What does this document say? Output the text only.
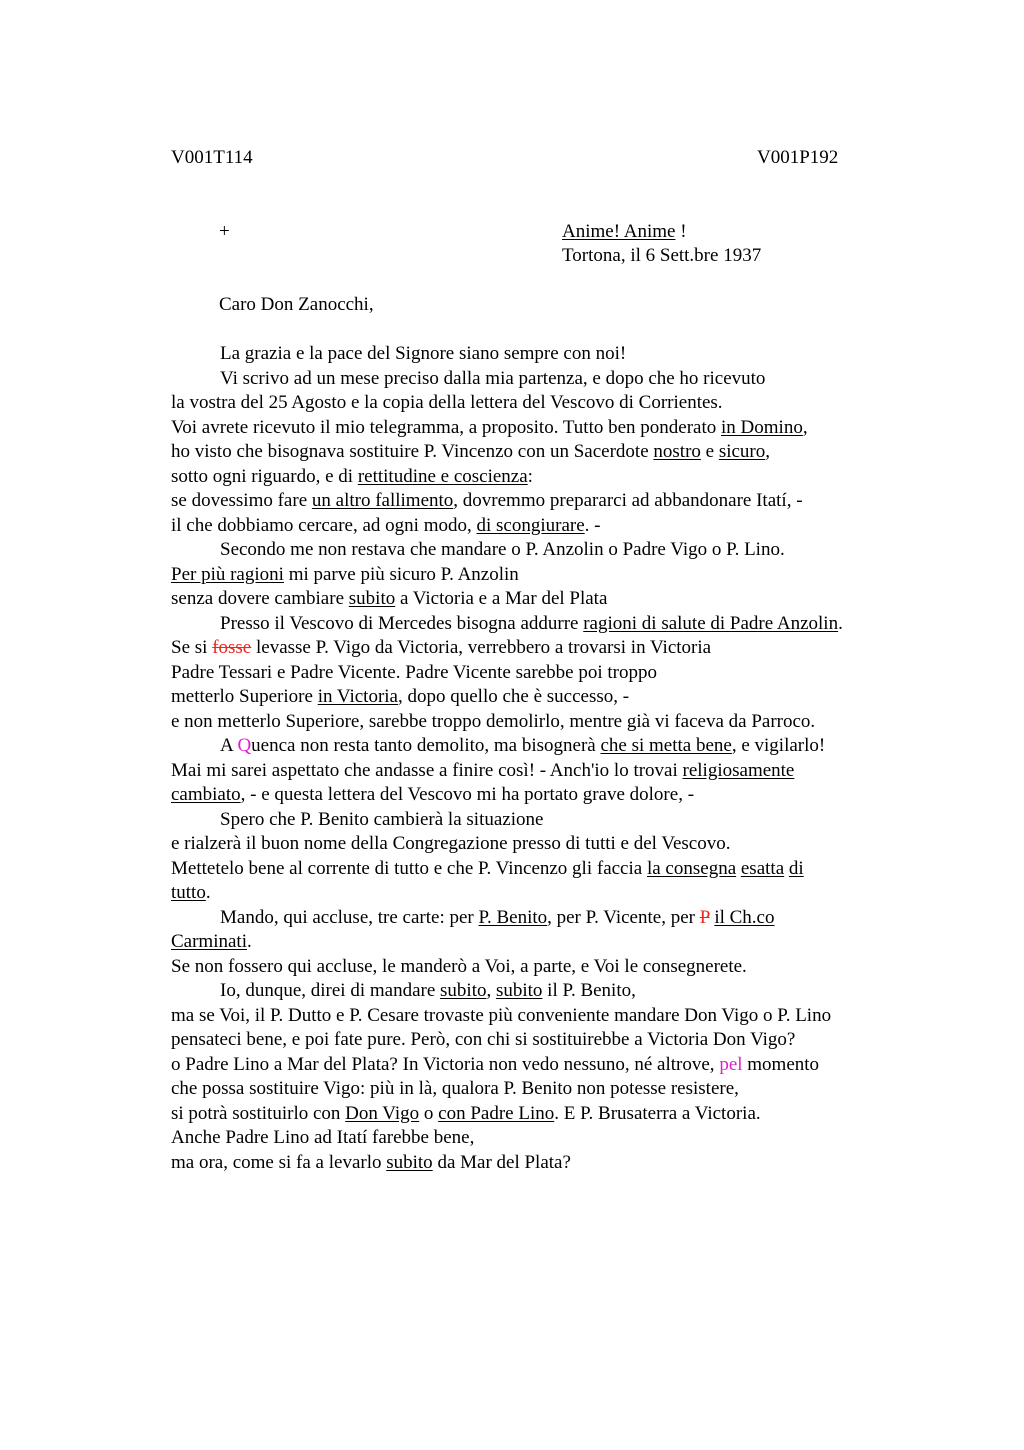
V001T114	V001P192
+	Anime! Anime !
Tortona, il 6 Sett.bre 1937
Caro Don Zanocchi,
La grazia e la pace del Signore siano sempre con noi!
Vi scrivo ad un mese preciso dalla mia partenza, e dopo che ho ricevuto
la vostra del 25 Agosto e la copia della lettera del Vescovo di Corrientes.
Voi avrete ricevuto il mio telegramma, a proposito. Tutto ben ponderato in Domino,
ho visto che bisognava sostituire P. Vincenzo con un Sacerdote nostro e sicuro,
sotto ogni riguardo, e di rettitudine e coscienza:
se dovessimo fare un altro fallimento, dovremmo prepararci ad abbandonare Itatí, -
il che dobbiamo cercare, ad ogni modo, di scongiurare. -
Secondo me non restava che mandare o P. Anzolin o Padre Vigo o P. Lino.
Per più ragioni mi parve più sicuro P. Anzolin
senza dovere cambiare subito a Victoria e a Mar del Plata
Presso il Vescovo di Mercedes bisogna addurre ragioni di salute di Padre Anzolin.
Se si fosse levasse P. Vigo da Victoria, verrebbero a trovarsi in Victoria
Padre Tessari e Padre Vicente. Padre Vicente sarebbe poi troppo
metterlo Superiore in Victoria, dopo quello che è successo, -
e non metterlo Superiore, sarebbe troppo demolirlo, mentre già vi faceva da Parroco.
A Quenca non resta tanto demolito, ma bisognerà che si metta bene, e vigilarlo!
Mai mi sarei aspettato che andasse a finire così! - Anch'io lo trovai religiosamente
cambiato, - e questa lettera del Vescovo mi ha portato grave dolore, -
Spero che P. Benito cambierà la situazione
e rialzerà il buon nome della Congregazione presso di tutti e del Vescovo.
Mettetelo bene al corrente di tutto e che P. Vincenzo gli faccia la consegna esatta di
tutto.
Mando, qui accluse, tre carte: per P. Benito, per P. Vicente, per P il Ch.co
Carminati.
Se non fossero qui accluse, le manderò a Voi, a parte, e Voi le consegnerete.
Io, dunque, direi di mandare subito, subito il P. Benito,
ma se Voi, il P. Dutto e P. Cesare trovaste più conveniente mandare Don Vigo o P. Lino
pensateci bene, e poi fate pure. Però, con chi si sostituirebbe a Victoria Don Vigo?
o Padre Lino a Mar del Plata? In Victoria non vedo nessuno, né altrove, pel momento
che possa sostituire Vigo: più in là, qualora P. Benito non potesse resistere,
si potrà sostituirlo con Don Vigo o con Padre Lino. E P. Brusaterra a Victoria.
Anche Padre Lino ad Itatí farebbe bene,
ma ora, come si fa a levarlo subito da Mar del Plata?
